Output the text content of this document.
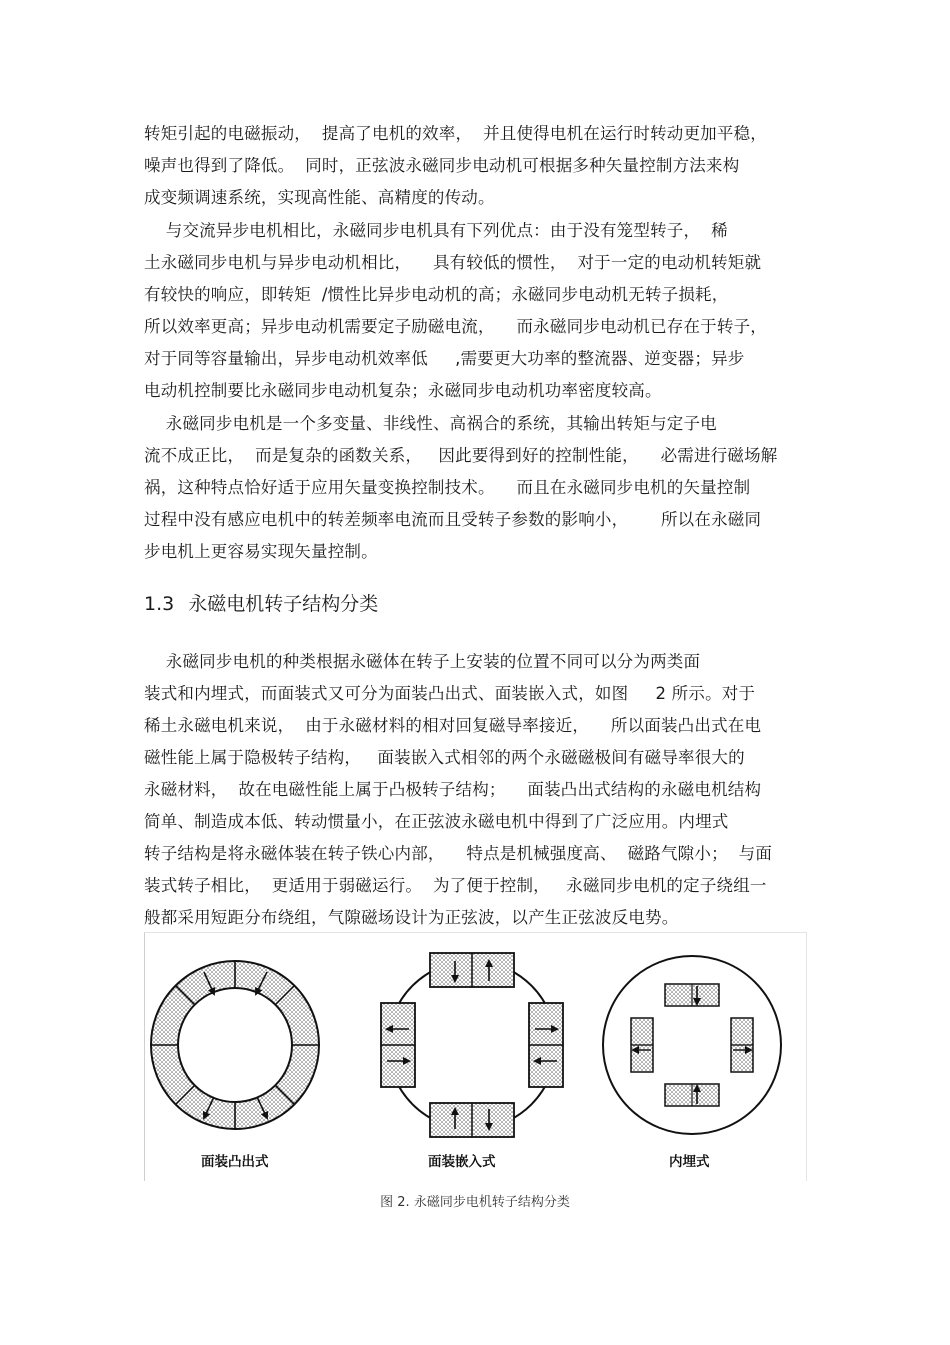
转矩引起的电磁振动，  提高了电机的效率，  并且使得电机在运行时转动更加平稳，
噪声也得到了降低。  同时，正弦波永磁同步电动机可根据多种矢量控制方法来构
成变频调速系统，实现高性能、高精度的传动。
与交流异步电机相比，永磁同步电机具有下列优点：由于没有笼型转子，  稀
土永磁同步电机与异步电动机相比，    具有较低的惯性，  对于一定的电动机转矩就
有较快的响应，即转矩  /惯性比异步电动机的高；永磁同步电动机无转子损耗，
所以效率更高；异步电动机需要定子励磁电流，    而永磁同步电动机已存在于转子，
对于同等容量输出，异步电动机效率低     ,需要更大功率的整流器、逆变器；异步
电动机控制要比永磁同步电动机复杂；永磁同步电动机功率密度较高。
永磁同步电机是一个多变量、非线性、高祸合的系统，其输出转矩与定子电
流不成正比，  而是复杂的函数关系，   因此要得到好的控制性能，    必需进行磁场解
祸，这种特点恰好适于应用矢量变换控制技术。    而且在永磁同步电机的矢量控制
过程中没有感应电机中的转差频率电流而且受转子参数的影响小，      所以在永磁同
步电机上更容易实现矢量控制。
1.3 永磁电机转子结构分类
永磁同步电机的种类根据永磁体在转子上安装的位置不同可以分为两类面
装式和内埋式，而面装式又可分为面装凸出式、面装嵌入式，如图     2 所示。对于
稀土永磁电机来说，  由于永磁材料的相对回复磁导率接近，    所以面装凸出式在电
磁性能上属于隐极转子结构，   面装嵌入式相邻的两个永磁磁极间有磁导率很大的
永磁材料，  故在电磁性能上属于凸极转子结构；    面装凸出式结构的永磁电机结构
简单、制造成本低、转动惯量小，在正弦波永磁电机中得到了广泛应用。内埋式
转子结构是将永磁体装在转子铁心内部，    特点是机械强度高、  磁路气隙小；  与面
装式转子相比，  更适用于弱磁运行。  为了便于控制，   永磁同步电机的定子绕组一
般都采用短距分布绕组，气隙磁场设计为正弦波，以产生正弦波反电势。
面装凸出式	面装嵌入式	内埋式
图 2. 永磁同步电机转子结构分类
